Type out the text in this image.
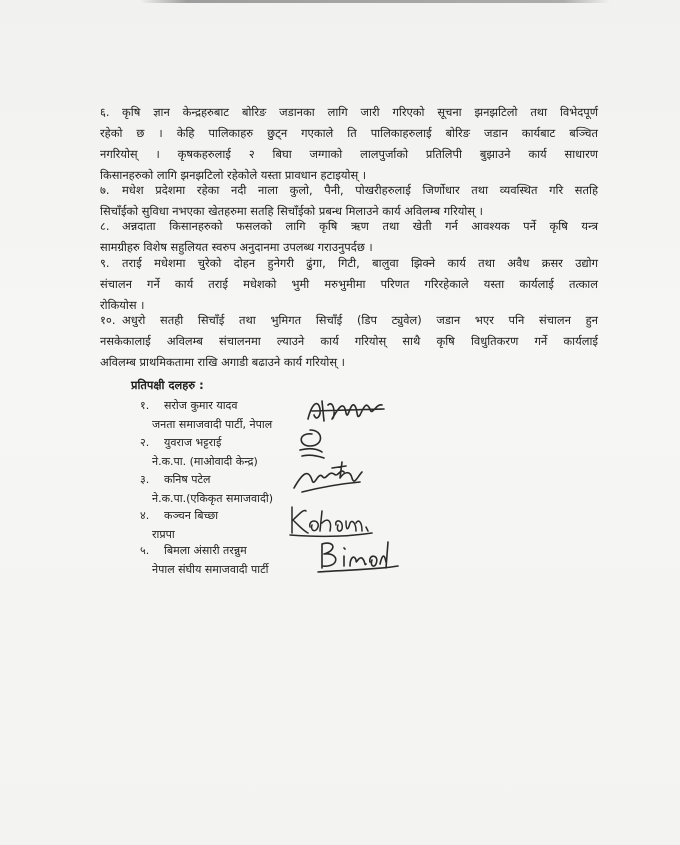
६.	कृषि ज्ञान केन्द्रहरुबाट बोरिङ जडानका लागि जारी गरिएको सूचना झनझटिलो तथा विभेदपूर्ण
रहेको छ । केहि पालिकाहरु छुट्न गएकाले ति पालिकाहरुलाई बोरिङ जडान कार्यबाट बञ्चित
नगरियोस् । कृषकहरुलाई २ बिघा जग्गाको लालपुर्जाको प्रतिलिपी बुझाउने कार्य साधारण
किसानहरुको लागि झनझटिलो रहेकोले यस्ता प्रावधान हटाइयोस् ।
७.	मधेश प्रदेशमा रहेका नदी नाला कुलो, पैनी, पोखरीहरुलाई जिर्णोधार तथा व्यवस्थित गरि सतहि
सिचाँईको सुविधा नभएका खेतहरुमा सतहि सिचाँईको प्रबन्ध मिलाउने कार्य अविलम्ब गरियोस् ।
८.	अन्नदाता किसानहरुको फसलको लागि कृषि ऋण तथा खेती गर्न आवश्यक पर्ने कृषि यन्त्र
सामग्रीहरु विशेष सहुलियत स्वरुप अनुदानमा उपलब्ध गराउनुपर्दछ ।
९.	तराई मधेशमा चुरेको दोहन हुनेगरी ढुंगा, गिटी, बालुवा झिक्ने कार्य तथा अवैध क्रसर उद्योग
संचालन गर्ने कार्य तराई मधेशको भुमी मरुभुमीमा परिणत गरिरहेकाले यस्ता कार्यलाई तत्काल
रोकियोस ।
१०. अधुरो सतही सिचाँई तथा भुमिगत सिचाँई (डिप ट्युवेल) जडान भएर पनि संचालन हुन
नसकेकालाई अविलम्ब संचालनमा ल्याउने कार्य गरियोस् साथै कृषि विधुतिकरण गर्ने कार्यलाई
अविलम्ब प्राथमिकतामा राखि अगाडी बढाउने कार्य गरियोस् ।
प्रतिपक्षी दलहरु :
१. सरोज कुमार यादव
जनता समाजवादी पार्टी, नेपाल
२. युवराज भट्टराई
ने.क.पा. (माओवादी केन्द्र)
३. कनिष पटेल
ने.क.पा.(एकिकृत समाजवादी)
४. कञ्चन बिच्छा
राप्रपा
५. बिमला अंसारी तरन्नुम
नेपाल संघीय समाजवादी पार्टी
Kcham
Bimal
